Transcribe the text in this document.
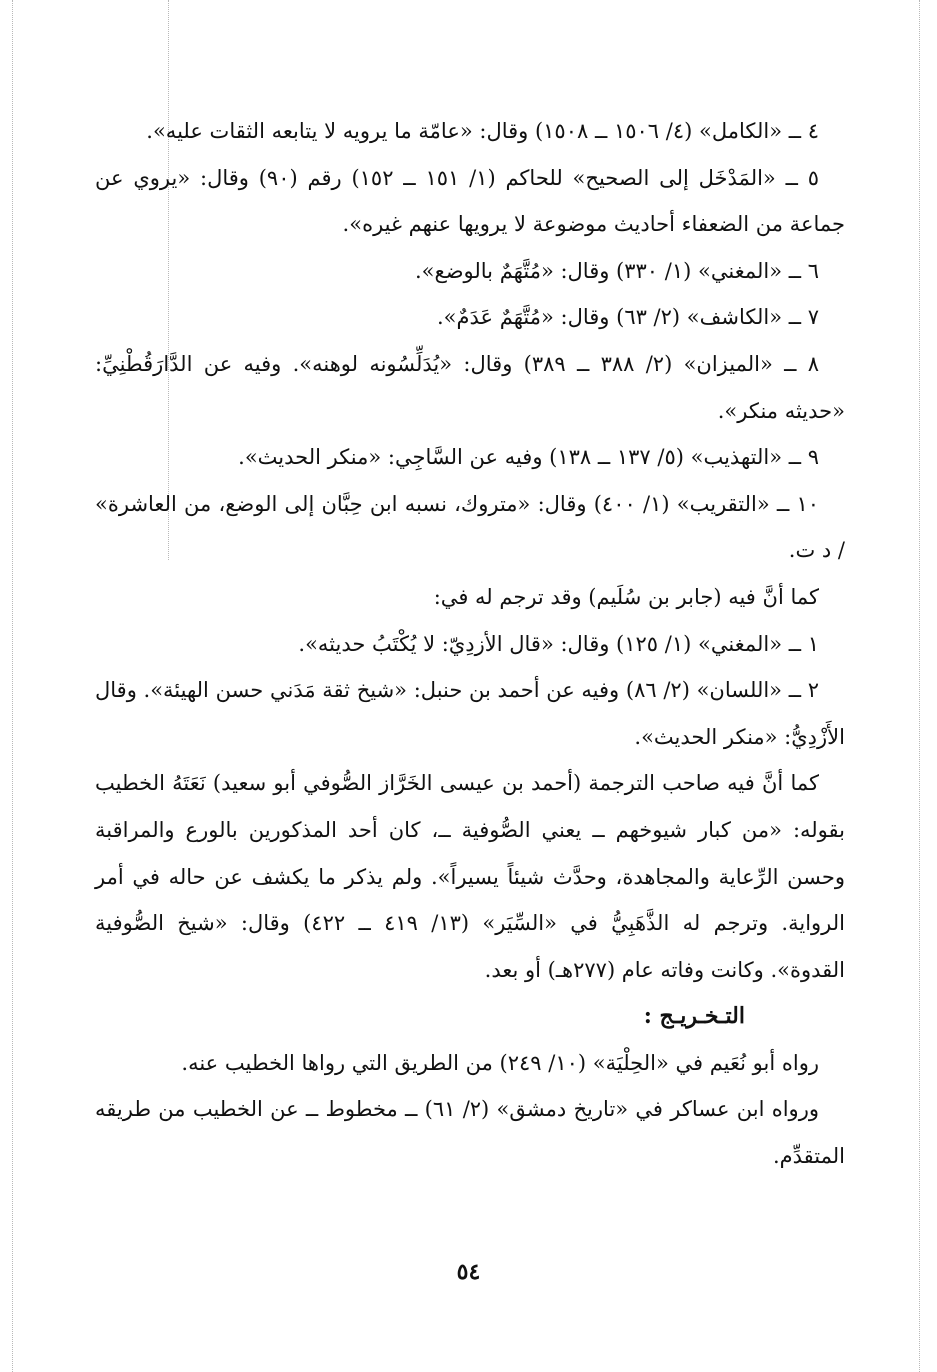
٤ ــ «الكامل» (٤/ ١٥٠٦ ــ ١٥٠٨) وقال: «عامّة ما يرويه لا يتابعه الثقات عليه».

٥ ــ «المَدْخَل إلى الصحيح» للحاكم (١/ ١٥١ ــ ١٥٢) رقم (٩٠) وقال: «يروي عن جماعة من الضعفاء أحاديث موضوعة لا يرويها عنهم غيره».

٦ ــ «المغني» (١/ ٣٣٠) وقال: «مُتَّهَمٌ بالوضع».

٧ ــ «الكاشف» (٢/ ٦٣) وقال: «مُتَّهَمٌ عَدَمٌ».

٨ ــ «الميزان» (٢/ ٣٨٨ ــ ٣٨٩) وقال: «يُدَلِّسُونه لوهنه». وفيه عن الدَّارَقُطْنِيِّ: «حديثه منكر».

٩ ــ «التهذيب» (٥/ ١٣٧ ــ ١٣٨) وفيه عن السَّاجِي: «منكر الحديث».

١٠ ــ «التقريب» (١/ ٤٠٠) وقال: «متروك، نسبه ابن حِبَّان إلى الوضع، من العاشرة» / د ت.

كما أنَّ فيه (جابر بن سُلَيم) وقد ترجم له في:

١ ــ «المغني» (١/ ١٢٥) وقال: «قال الأزدِيّ: لا يُكْتَبُ حديثه».

٢ ــ «اللسان» (٢/ ٨٦) وفيه عن أحمد بن حنبل: «شيخ ثقة مَدَني حسن الهيئة». وقال الأَزْدِيُّ: «منكر الحديث».

كما أنَّ فيه صاحب الترجمة (أحمد بن عيسى الخَرَّاز الصُّوفي أبو سعيد) نَعَتَهُ الخطيب بقوله: «من كبار شيوخهم ــ يعني الصُّوفية ــ، كان أحد المذكورين بالورع والمراقبة وحسن الرِّعاية والمجاهدة، وحدَّث شيئاً يسيراً». ولم يذكر ما يكشف عن حاله في أمر الرواية. وترجم له الذَّهَبِيُّ في «السِّيَر» (١٣/ ٤١٩ ــ ٤٢٢) وقال: «شيخ الصُّوفية القدوة». وكانت وفاته عام (٢٧٧هـ) أو بعد.

التـخـريـج :

رواه أبو نُعَيم في «الحِلْيَة» (١٠/ ٢٤٩) من الطريق التي رواها الخطيب عنه.

ورواه ابن عساكر في «تاريخ دمشق» (٢/ ٦١) ــ مخطوط ــ عن الخطيب من طريقه المتقدِّم.

٥٤
